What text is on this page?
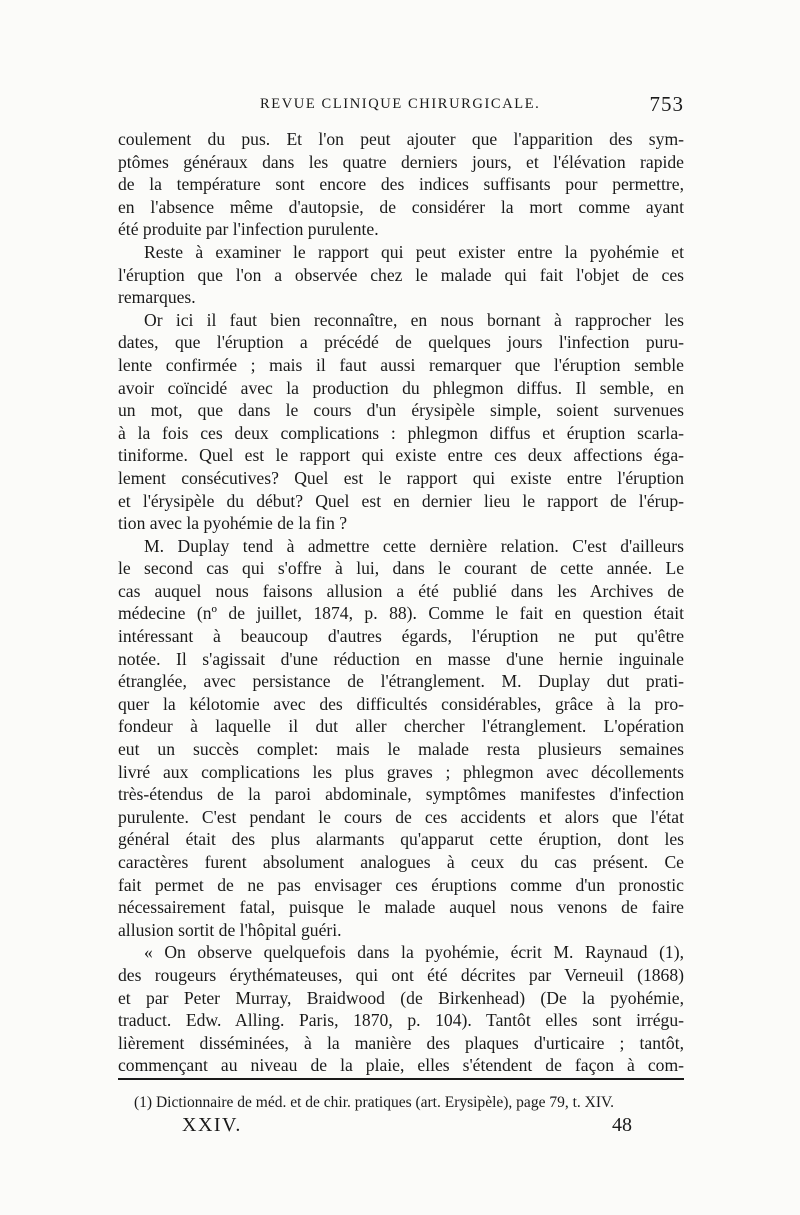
REVUE CLINIQUE CHIRURGICALE.	753
coulement du pus. Et l'on peut ajouter que l'apparition des sym-
ptômes généraux dans les quatre derniers jours, et l'élévation rapide
de la température sont encore des indices suffisants pour permettre,
en l'absence même d'autopsie, de considérer la mort comme ayant
été produite par l'infection purulente.
Reste à examiner le rapport qui peut exister entre la pyohémie et
l'éruption que l'on a observée chez le malade qui fait l'objet de ces
remarques.
Or ici il faut bien reconnaître, en nous bornant à rapprocher les
dates, que l'éruption a précédé de quelques jours l'infection puru-
lente confirmée ; mais il faut aussi remarquer que l'éruption semble
avoir coïncidé avec la production du phlegmon diffus. Il semble, en
un mot, que dans le cours d'un érysipèle simple, soient survenues
à la fois ces deux complications : phlegmon diffus et éruption scarla-
tiniforme. Quel est le rapport qui existe entre ces deux affections éga-
lement consécutives? Quel est le rapport qui existe entre l'éruption
et l'érysipèle du début? Quel est en dernier lieu le rapport de l'érup-
tion avec la pyohémie de la fin ?
M. Duplay tend à admettre cette dernière relation. C'est d'ailleurs
le second cas qui s'offre à lui, dans le courant de cette année. Le
cas auquel nous faisons allusion a été publié dans les Archives de
médecine (nº de juillet, 1874, p. 88). Comme le fait en question était
intéressant à beaucoup d'autres égards, l'éruption ne put qu'être
notée. Il s'agissait d'une réduction en masse d'une hernie inguinale
étranglée, avec persistance de l'étranglement. M. Duplay dut prati-
quer la kélotomie avec des difficultés considérables, grâce à la pro-
fondeur à laquelle il dut aller chercher l'étranglement. L'opération
eut un succès complet: mais le malade resta plusieurs semaines
livré aux complications les plus graves ; phlegmon avec décollements
très-étendus de la paroi abdominale, symptômes manifestes d'infection
purulente. C'est pendant le cours de ces accidents et alors que l'état
général était des plus alarmants qu'apparut cette éruption, dont les
caractères furent absolument analogues à ceux du cas présent. Ce
fait permet de ne pas envisager ces éruptions comme d'un pronostic
nécessairement fatal, puisque le malade auquel nous venons de faire
allusion sortit de l'hôpital guéri.
« On observe quelquefois dans la pyohémie, écrit M. Raynaud (1),
des rougeurs érythémateuses, qui ont été décrites par Verneuil (1868)
et par Peter Murray, Braidwood (de Birkenhead) (De la pyohémie,
traduct. Edw. Alling. Paris, 1870, p. 104). Tantôt elles sont irrégu-
lièrement disséminées, à la manière des plaques d'urticaire ; tantôt,
commençant au niveau de la plaie, elles s'étendent de façon à com-
(1) Dictionnaire de méd. et de chir. pratiques (art. Erysipèle), page 79, t. XIV.
XXIV.	48
